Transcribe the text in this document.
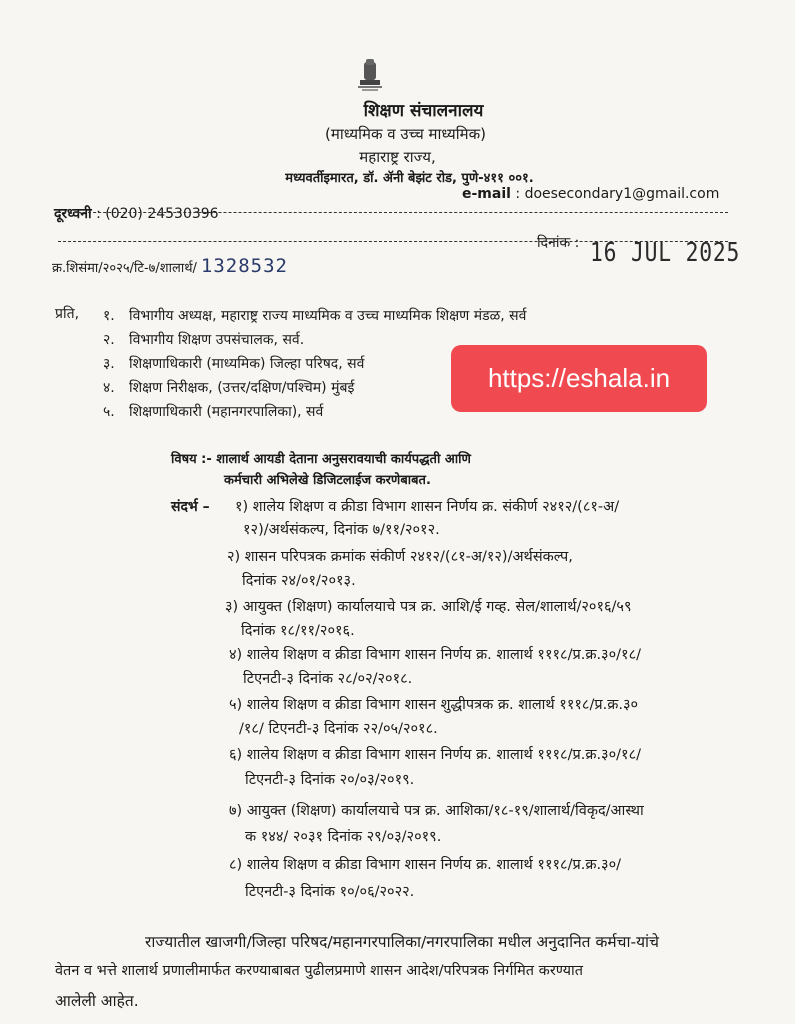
शिक्षण संचालनालय
(माध्यमिक व उच्च माध्यमिक)
महाराष्ट्र राज्य,
मध्यवर्तीइमारत, डॉ. ॲनी बेझंट रोड, पुणे-४११ ००१.
e-mail : doesecondary1@gmail.com
दूरध्वनी : (020) 24530396
क्र.शिसंमा/२०२५/टि-७/शालार्थ/ 1328532
दिनांक : 16 JUL 2025
प्रति, १. विभागीय अध्यक्ष, महाराष्ट्र राज्य माध्यमिक व उच्च माध्यमिक शिक्षण मंडळ, सर्व
२. विभागीय शिक्षण उपसंचालक, सर्व.
३. शिक्षणाधिकारी (माध्यमिक) जिल्हा परिषद, सर्व
४. शिक्षण निरीक्षक, (उत्तर/दक्षिण/पश्चिम) मुंबई
५. शिक्षणाधिकारी (महानगरपालिका), सर्व
https://eshala.in
विषय :- शालार्थ आयडी देताना अनुसरावयाची कार्यपद्धती आणि
कर्मचारी अभिलेखे डिजिटलाईज करणेबाबत.
संदर्भ – १) शालेय शिक्षण व क्रीडा विभाग शासन निर्णय क्र. संकीर्ण २४१२/(८१-अ/
१२)/अर्थसंकल्प, दिनांक ७/११/२०१२.
२) शासन परिपत्रक क्रमांक संकीर्ण २४१२/(८१-अ/१२)/अर्थसंकल्प,
दिनांक २४/०१/२०१३.
३) आयुक्त (शिक्षण) कार्यालयाचे पत्र क्र. आशि/ई गव्ह. सेल/शालार्थ/२०१६/५९
दिनांक १८/११/२०१६.
४) शालेय शिक्षण व क्रीडा विभाग शासन निर्णय क्र. शालार्थ १११८/प्र.क्र.३०/१८/
टिएनटी-३ दिनांक २८/०२/२०१८.
५) शालेय शिक्षण व क्रीडा विभाग शासन शुद्धीपत्रक क्र. शालार्थ १११८/प्र.क्र.३०
/१८/ टिएनटी-३ दिनांक २२/०५/२०१८.
६) शालेय शिक्षण व क्रीडा विभाग शासन निर्णय क्र. शालार्थ १११८/प्र.क्र.३०/१८/
टिएनटी-३ दिनांक २०/०३/२०१९.
७) आयुक्त (शिक्षण) कार्यालयाचे पत्र क्र. आशिका/१८-१९/शालार्थ/विकृद/आस्था
क १४४/ २०३१ दिनांक २९/०३/२०१९.
८) शालेय शिक्षण व क्रीडा विभाग शासन निर्णय क्र. शालार्थ १११८/प्र.क्र.३०/
टिएनटी-३ दिनांक १०/०६/२०२२.
राज्यातील खाजगी/जिल्हा परिषद/महानगरपालिका/नगरपालिका मधील अनुदानित कर्मचा-यांचे
वेतन व भत्ते शालार्थ प्रणालीमार्फत करण्याबाबत पुढीलप्रमाणे शासन आदेश/परिपत्रक निर्गमित करण्यात
आलेली आहेत.
